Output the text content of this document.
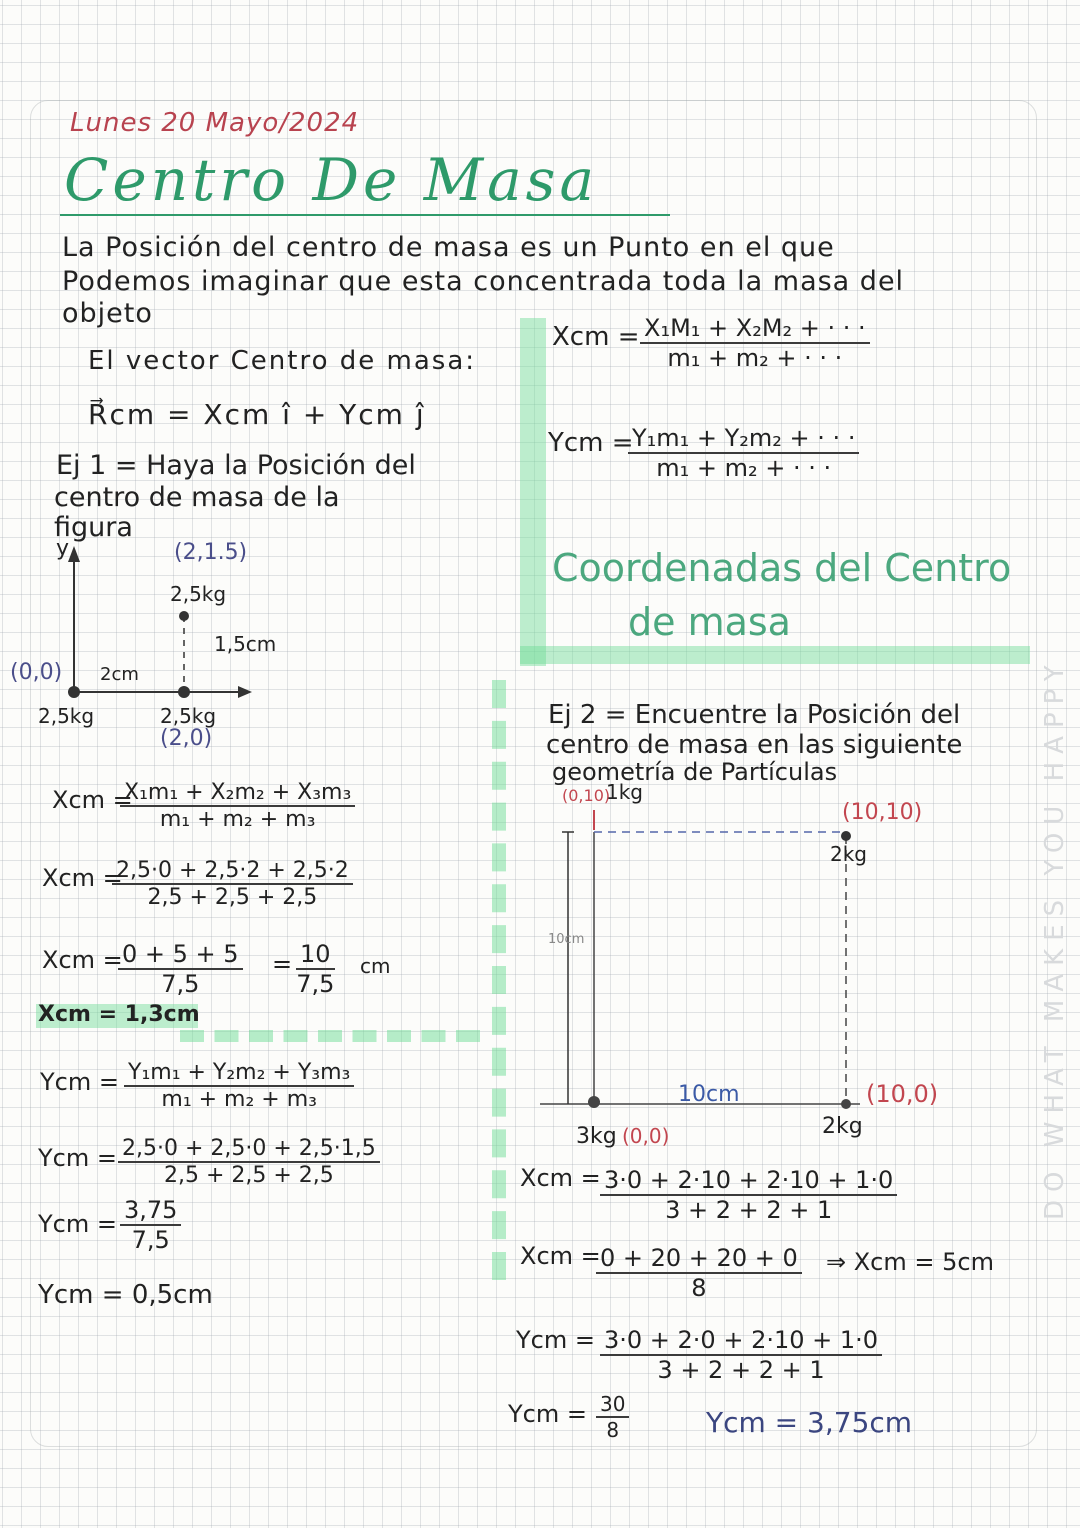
DO WHAT MAKES YOU HAPPY

Lunes 20 Mayo/2024

Centro De Masa

La Posición del centro de masa es un Punto en el que

Podemos imaginar que esta concentrada toda la masa del

objeto

El vector Centro de masa:

R⃗cm = Xcm î + Ycm ĵ

Xcm = $\frac{\text{X₁M₁ + X₂M₂ + · · ·}}{\text{m₁ + m₂ + · · ·}}$

Ycm =

$\frac{\text{Y₁m₁ + Y₂m₂ + · · ·}}{\text{m₁ + m₂ + · · ·}}$

Coordenadas del Centro

de masa

Ej 1 = Haya la Posición del

centro de masa de la

figura

y	(2,1.5)

2,5kg

1,5cm

(0,0) 2cm

2,5kg	2,5kg

(2,0)

Xcm =

$\frac{\text{X₁m₁ + X₂m₂ + X₃m₃}}{\text{m₁ + m₂ + m₃}}$

Xcm =

$\frac{2,5\cdot 0 + 2,5\cdot 2 + 2,5\cdot 2}{2,5 + 2,5 + 2,5}$

Xcm =

$\frac{0 + 5 + 5}{7,5} = \frac{10}{7,5}$ cm

Xcm = 1,3cm

Ycm = $\frac{\text{Y₁m₁ + Y₂m₂ + Y₃m₃}}{\text{m₁ + m₂ + m₃}}$

Ycm = $\frac{2,5\cdot 0 + 2,5\cdot 0 + 2,5\cdot 1,5}{2,5 + 2,5 + 2,5}$

Ycm = $\frac{3,75}{7,5}$

Ycm = 0,5cm

Ej 2 = Encuentre la Posición del

centro de masa en las siguiente

geometría de Partículas

(0,10)

1kg

(10,10)

2kg

10cm

10cm	(10,0)

3kg (0,0)	2kg

Xcm = $\frac{3\cdot 0 + 2\cdot 10 + 2\cdot 10 + 1\cdot 0}{3 + 2 + 2 + 1}$

Xcm =

$\frac{0 + 20 + 20 + 0}{8}$ ⇒ Xcm = 5cm

Ycm = $\frac{3\cdot 0 + 2\cdot 0 + 2\cdot 10 + 1\cdot 0}{3 + 2 + 2 + 1}$

Ycm = $\frac{30}{8}$	Ycm = 3,75cm
